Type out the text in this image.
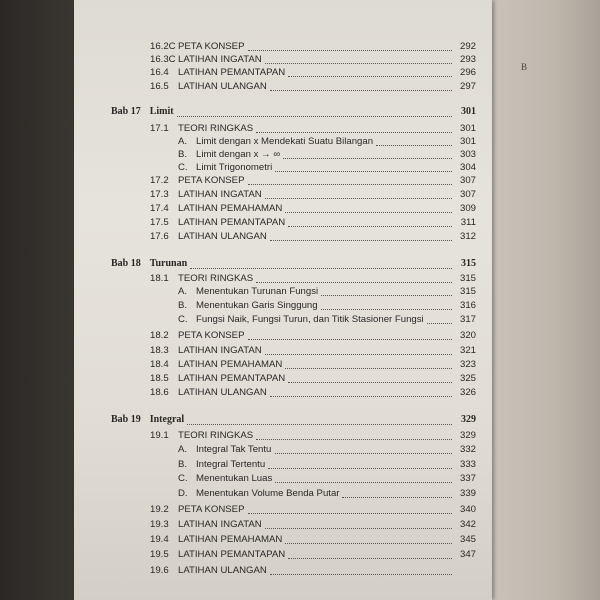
B
16.2C PETA KONSEP	292
16.3C LATIHAN INGATAN	293
16.4 LATIHAN PEMANTAPAN	296
16.5 LATIHAN ULANGAN	297
Bab 17 Limit	301
17.1 TEORI RINGKAS	301
A. Limit dengan x Mendekati Suatu Bilangan	301
B. Limit dengan x → ∞	303
C. Limit Trigonometri	304
17.2 PETA KONSEP	307
17.3 LATIHAN INGATAN	307
17.4 LATIHAN PEMAHAMAN	309
17.5 LATIHAN PEMANTAPAN	311
17.6 LATIHAN ULANGAN	312
Bab 18 Turunan	315
18.1 TEORI RINGKAS	315
A. Menentukan Turunan Fungsi	315
B. Menentukan Garis Singgung	316
C. Fungsi Naik, Fungsi Turun, dan Titik Stasioner Fungsi	317
18.2 PETA KONSEP	320
18.3 LATIHAN INGATAN	321
18.4 LATIHAN PEMAHAMAN	323
18.5 LATIHAN PEMANTAPAN	325
18.6 LATIHAN ULANGAN	326
Bab 19 Integral	329
19.1 TEORI RINGKAS	329
A. Integral Tak Tentu	332
B. Integral Tertentu	333
C. Menentukan Luas	337
D. Menentukan Volume Benda Putar	339
19.2 PETA KONSEP	340
19.3 LATIHAN INGATAN	342
19.4 LATIHAN PEMAHAMAN	345
19.5 LATIHAN PEMANTAPAN	347
19.6 LATIHAN ULANGAN
